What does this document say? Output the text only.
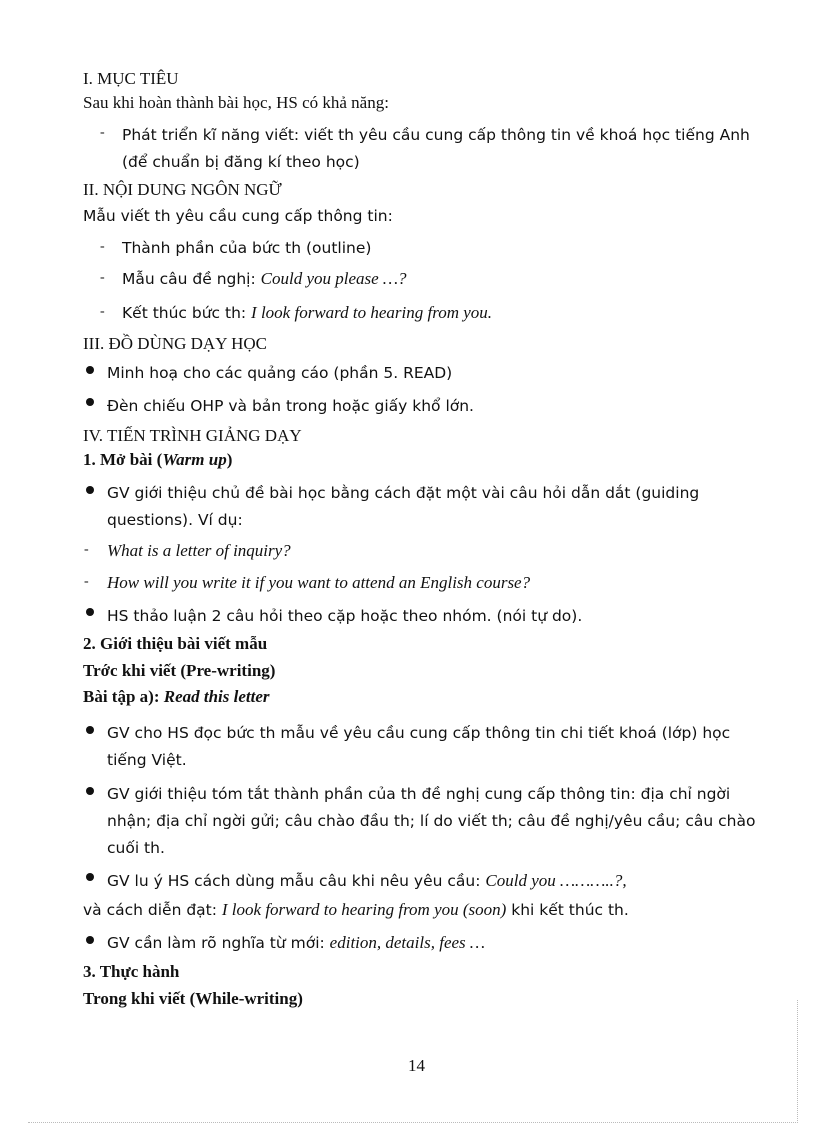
I. MỤC TIÊU
Sau khi hoàn thành bài học, HS có khả năng:
- Phát triển kĩ năng viết: viết th yêu cầu cung cấp thông tin về khoá học tiếng Anh
(để chuẩn bị đăng kí theo học)
II. NỘI DUNG NGÔN NGỮ
Mẫu viết th yêu cầu cung cấp thông tin:
- Thành phần của bức th (outline)
- Mẫu câu đề nghị: Could you please …?
- Kết thúc bức th: I look forward to hearing from you.
III. ĐỒ DÙNG DẠY HỌC
Minh hoạ cho các quảng cáo (phần 5. READ)
Đèn chiếu OHP và bản trong hoặc giấy khổ lớn.
IV. TIẾN TRÌNH GIẢNG DẠY
1. Mở bài (Warm up)
GV giới thiệu chủ đề bài học bằng cách đặt một vài câu hỏi dẫn dắt (guiding
questions). Ví dụ:
- What is a letter of inquiry?
- How will you write it if you want to attend an English course?
HS thảo luận 2 câu hỏi theo cặp hoặc theo nhóm. (nói tự do).
2. Giới thiệu bài viết mẫu
Trớc khi viết (Pre-writing)
Bài tập a): Read this letter
GV cho HS đọc bức th mẫu về yêu cầu cung cấp thông tin chi tiết khoá (lớp) học
tiếng Việt.
GV giới thiệu tóm tắt thành phần của th đề nghị cung cấp thông tin: địa chỉ ngời
nhận; địa chỉ ngời gửi; câu chào đầu th; lí do viết th; câu đề nghị/yêu cầu; câu chào
cuối th.
GV lu ý HS cách dùng mẫu câu khi nêu yêu cầu: Could you ………..?,
và cách diễn đạt: I look forward to hearing from you (soon) khi kết thúc th.
GV cần làm rõ nghĩa từ mới: edition, details, fees …
3. Thực hành
Trong khi viết (While-writing)
14
